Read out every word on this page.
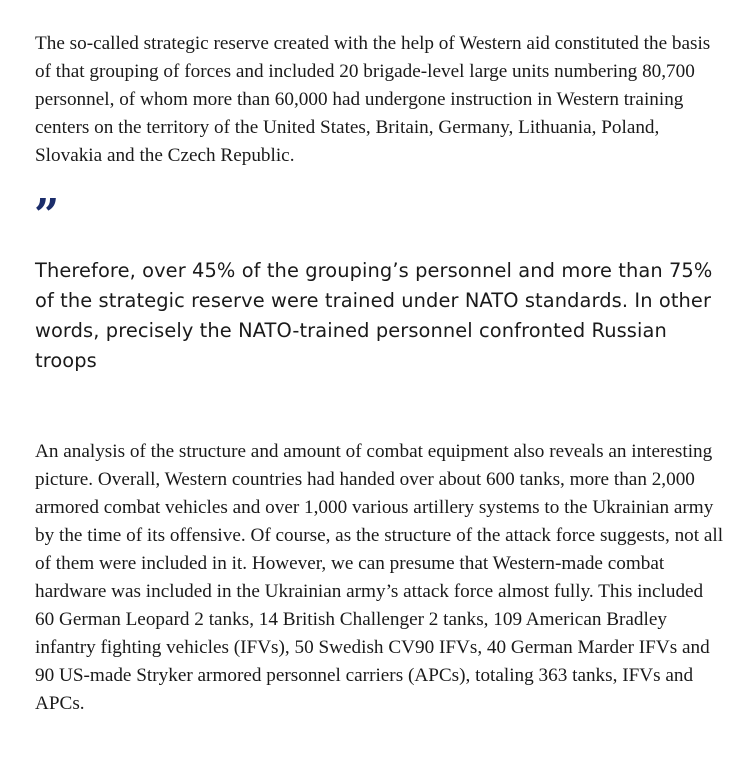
The so-called strategic reserve created with the help of Western aid constituted the basis of that grouping of forces and included 20 brigade-level large units numbering 80,700 personnel, of whom more than 60,000 had undergone instruction in Western training centers on the territory of the United States, Britain, Germany, Lithuania, Poland, Slovakia and the Czech Republic.

”
Therefore, over 45% of the grouping’s personnel and more than 75% of the strategic reserve were trained under NATO standards. In other words, precisely the NATO-trained personnel confronted Russian troops

An analysis of the structure and amount of combat equipment also reveals an interesting picture. Overall, Western countries had handed over about 600 tanks, more than 2,000 armored combat vehicles and over 1,000 various artillery systems to the Ukrainian army by the time of its offensive. Of course, as the structure of the attack force suggests, not all of them were included in it. However, we can presume that Western-made combat hardware was included in the Ukrainian army’s attack force almost fully. This included 60 German Leopard 2 tanks, 14 British Challenger 2 tanks, 109 American Bradley infantry fighting vehicles (IFVs), 50 Swedish CV90 IFVs, 40 German Marder IFVs and 90 US-made Stryker armored personnel carriers (APCs), totaling 363 tanks, IFVs and APCs.
